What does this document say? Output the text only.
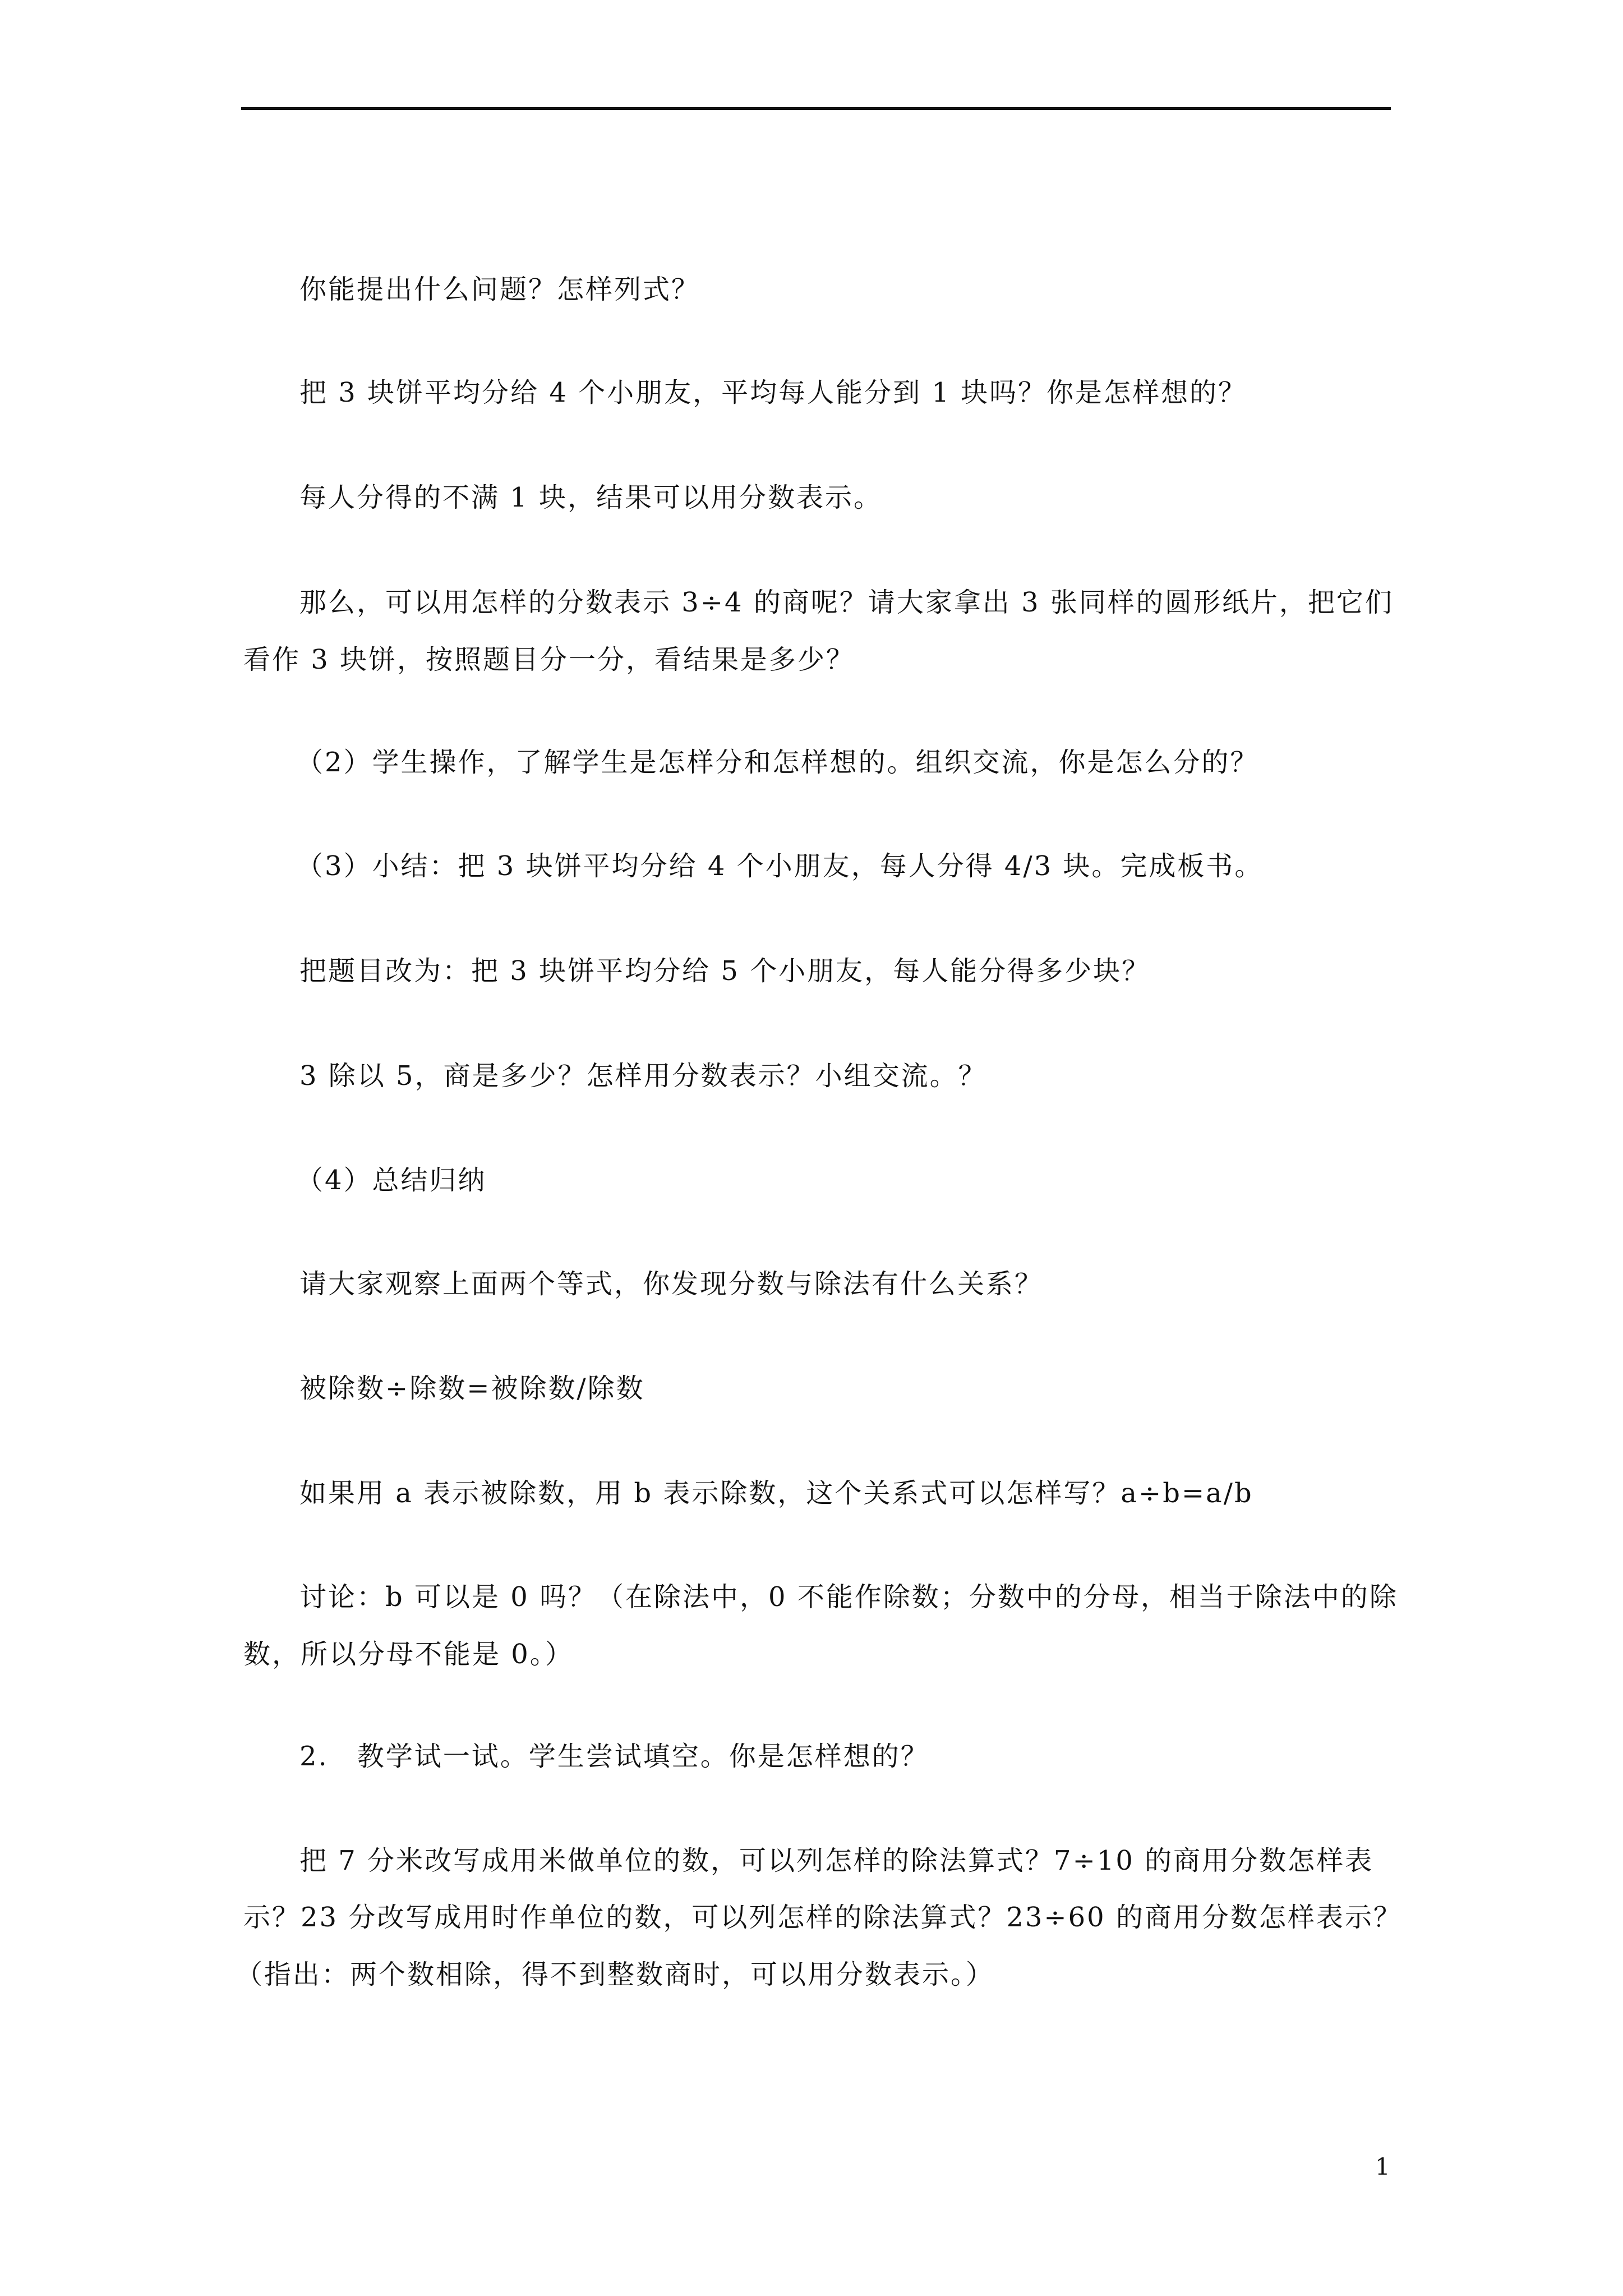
你能提出什么问题？怎样列式？

把 3 块饼平均分给 4 个小朋友，平均每人能分到 1 块吗？你是怎样想的？

每人分得的不满 1 块，结果可以用分数表示。

那么，可以用怎样的分数表示 3÷4 的商呢？请大家拿出 3 张同样的圆形纸片，把它们

看作 3 块饼，按照题目分一分，看结果是多少？

（2）学生操作，了解学生是怎样分和怎样想的。组织交流，你是怎么分的？

（3）小结：把 3 块饼平均分给 4 个小朋友，每人分得 4/3 块。完成板书。

把题目改为：把 3 块饼平均分给 5 个小朋友，每人能分得多少块？

3 除以 5，商是多少？怎样用分数表示？小组交流。？

（4）总结归纳

请大家观察上面两个等式，你发现分数与除法有什么关系？

被除数÷除数=被除数/除数

如果用 a 表示被除数，用 b 表示除数，这个关系式可以怎样写？a÷b=a/b

讨论：b 可以是 0 吗？（在除法中，0 不能作除数；分数中的分母，相当于除法中的除

数，所以分母不能是 0。）

2.　教学试一试。学生尝试填空。你是怎样想的？

把 7 分米改写成用米做单位的数，可以列怎样的除法算式？7÷10 的商用分数怎样表

示？23 分改写成用时作单位的数，可以列怎样的除法算式？23÷60 的商用分数怎样表示？

（指出：两个数相除，得不到整数商时，可以用分数表示。）

1
